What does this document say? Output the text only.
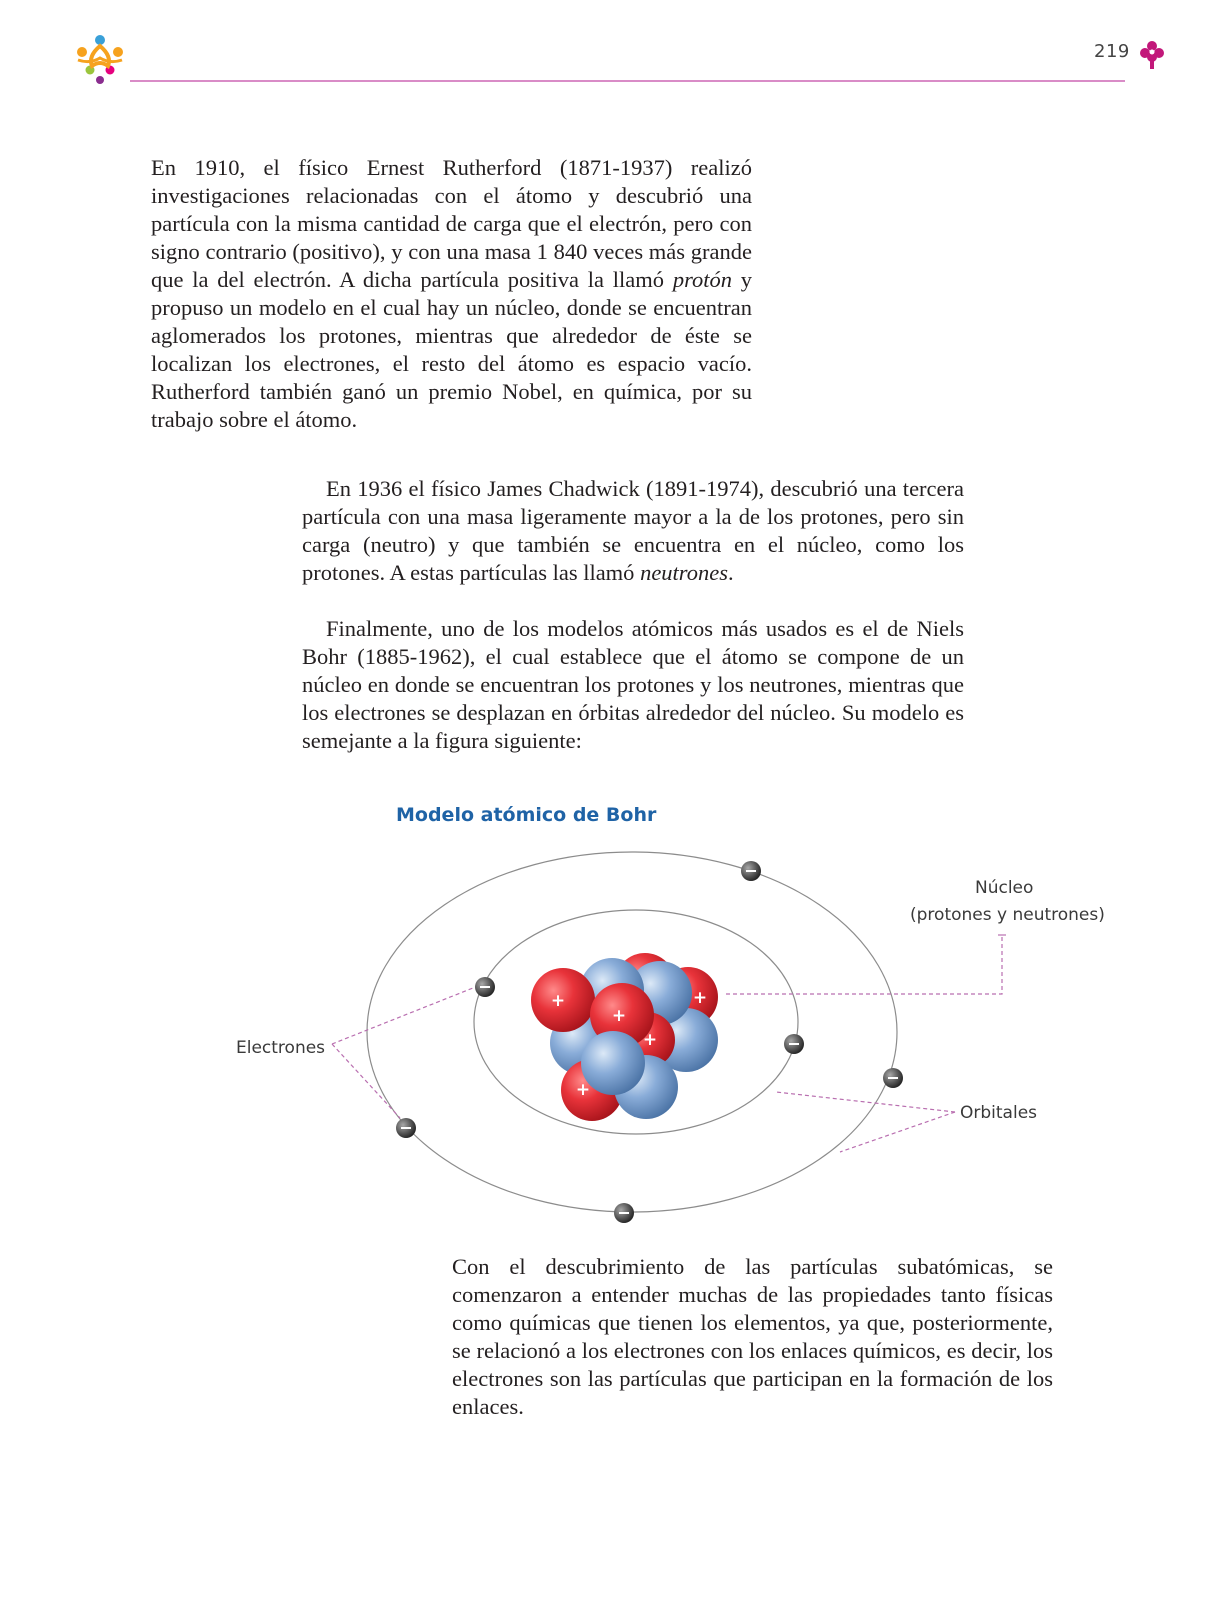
219

En 1910, el físico Ernest Rutherford (1871-1937) realizó investigaciones relacionadas con el átomo y descubrió una partícula con la misma cantidad de carga que el electrón, pero con signo contrario (positivo), y con una masa 1 840 veces más grande que la del electrón. A dicha partícula positiva la llamó protón y propuso un modelo en el cual hay un núcleo, donde se encuentran aglomerados los protones, mientras que alrededor de éste se localizan los electrones, el resto del átomo es espacio vacío. Rutherford también ganó un premio Nobel, en química, por su trabajo sobre el átomo.

En 1936 el físico James Chadwick (1891-1974), descubrió una tercera partícula con una masa ligeramente mayor a la de los protones, pero sin carga (neutro) y que también se encuentra en el núcleo, como los protones. A estas partículas las llamó neutrones.

Finalmente, uno de los modelos atómicos más usados es el de Niels Bohr (1885-1962), el cual establece que el átomo se compone de un núcleo en donde se encuentran los protones y los neutrones, mientras que los electrones se desplazan en órbitas alrededor del núcleo. Su modelo es semejante a la figura siguiente:

Modelo atómico de Bohr
+
+
+
+
+
Electrones
Núcleo
(protones y neutrones)
Orbitales

Con el descubrimiento de las partículas subatómicas, se comenzaron a entender muchas de las propiedades tanto físicas como químicas que tienen los elementos, ya que, posteriormente, se relacionó a los electrones con los enlaces químicos, es decir, los electrones son las partículas que participan en la formación de los enlaces.
